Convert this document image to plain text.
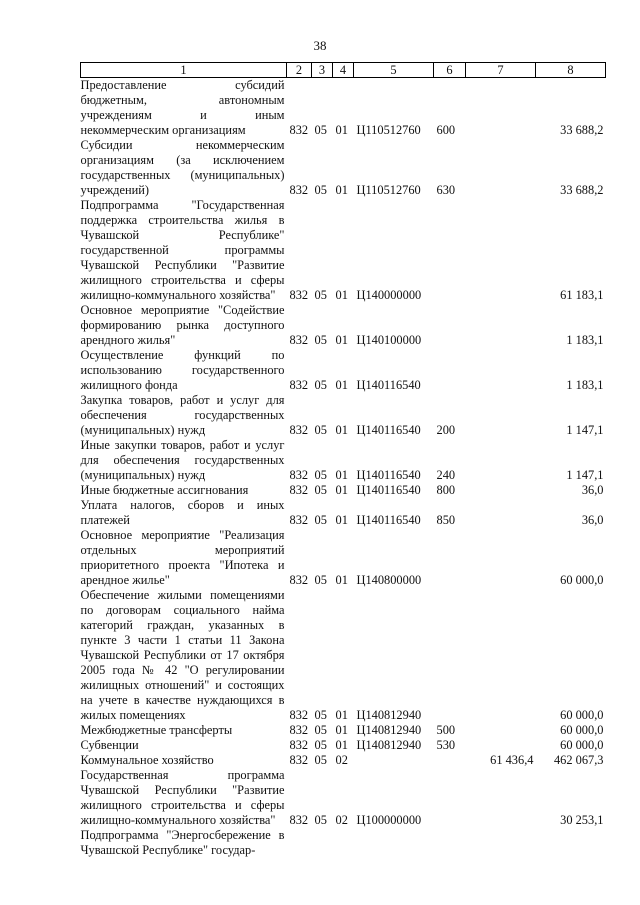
38
1	2	3	4	5	6	7	8
Предоставление субсидий бюджетным, автономным учреждениям и иным некоммерческим организациям	832	05	01	Ц110512760	600		33 688,2
Субсидии некоммерческим организациям (за исключением государственных (муниципальных) учреждений)	832	05	01	Ц110512760	630		33 688,2
Подпрограмма "Государственная поддержка строительства жилья в Чувашской Республике" государственной программы Чувашской Республики "Развитие жилищного строительства и сферы жилищно-коммунального хозяйства"	832	05	01	Ц140000000			61 183,1
Основное мероприятие "Содействие формированию рынка доступного арендного жилья"	832	05	01	Ц140100000			1 183,1
Осуществление функций по использованию государственного жилищного фонда	832	05	01	Ц140116540			1 183,1
Закупка товаров, работ и услуг для обеспечения государственных (муниципальных) нужд	832	05	01	Ц140116540	200		1 147,1
Иные закупки товаров, работ и услуг для обеспечения государственных (муниципальных) нужд	832	05	01	Ц140116540	240		1 147,1
Иные бюджетные ассигнования	832	05	01	Ц140116540	800		36,0
Уплата налогов, сборов и иных платежей	832	05	01	Ц140116540	850		36,0
Основное мероприятие "Реализация отдельных мероприятий приоритетного проекта "Ипотека и арендное жилье"	832	05	01	Ц140800000			60 000,0
Обеспечение жилыми помещениями по договорам социального найма категорий граждан, указанных в пункте 3 части 1 статьи 11 Закона Чувашской Республики от 17 октября 2005 года № 42 "О регулировании жилищных отношений" и состоящих на учете в качестве нуждающихся в жилых помещениях	832	05	01	Ц140812940			60 000,0
Межбюджетные трансферты	832	05	01	Ц140812940	500		60 000,0
Субвенции	832	05	01	Ц140812940	530		60 000,0
Коммунальное хозяйство	832	05	02			61 436,4	462 067,3
Государственная программа Чувашской Республики "Развитие жилищного строительства и сферы жилищно-коммунального хозяйства"	832	05	02	Ц100000000			30 253,1
Подпрограмма "Энергосбережение в Чувашской Республике" государ-							
